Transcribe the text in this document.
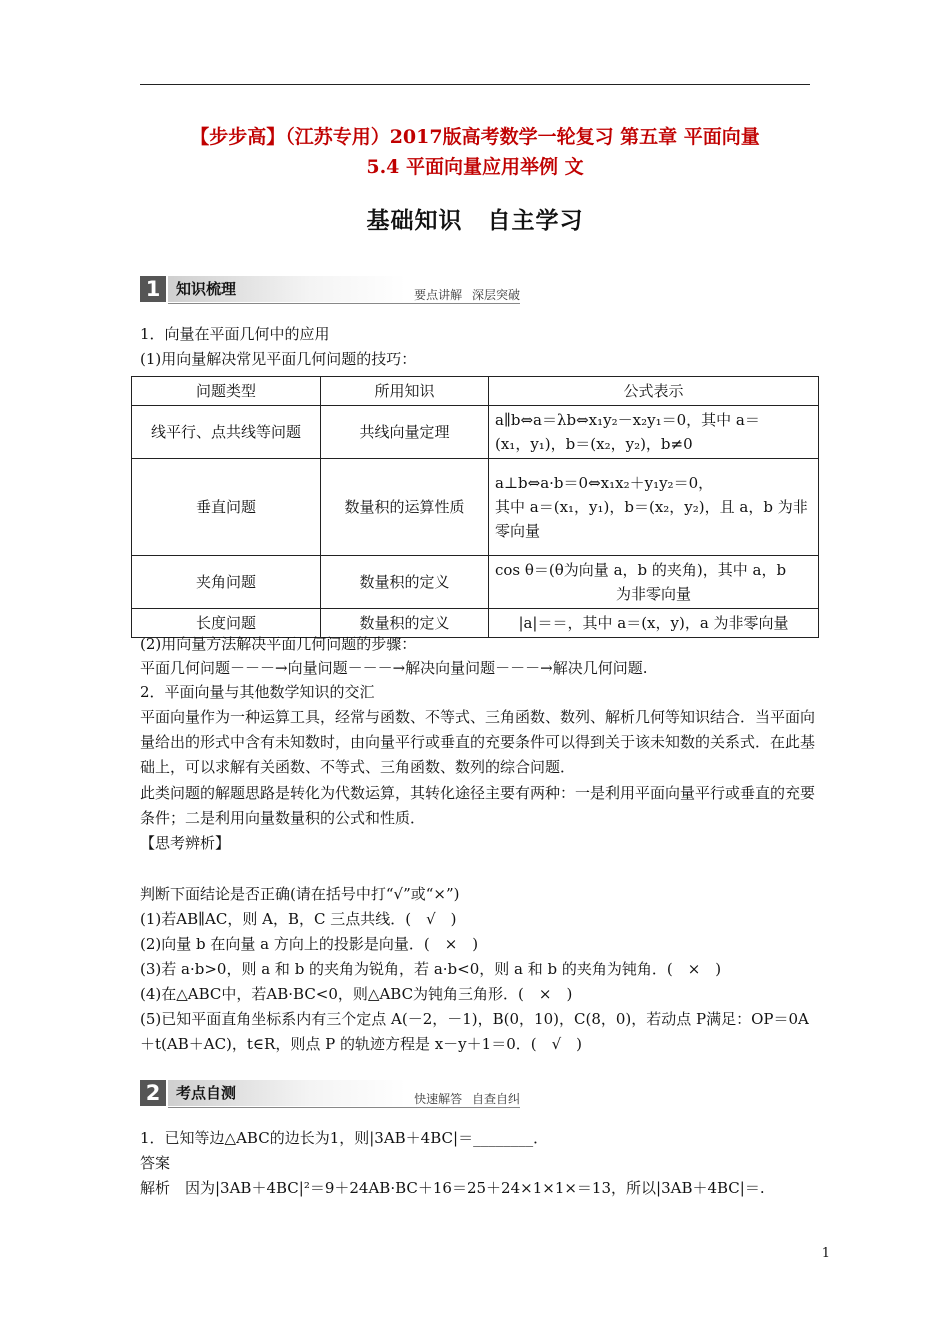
【步步高】（江苏专用）2017版高考数学一轮复习 第五章 平面向量
5.4 平面向量应用举例 文
基础知识 自主学习
1	知识梳理	要点讲解 深层突破
1．向量在平面几何中的应用
(1)用向量解决常见平面几何问题的技巧：
问题类型	所用知识	公式表示
线平行、点共线等问题	共线向量定理	a∥b⇔a＝λb⇔x₁y₂－x₂y₁＝0，其中 a＝
(x₁，y₁)，b＝(x₂，y₂)，b≠0

垂直问题	数量积的运算性质	a⊥b⇔a·b＝0⇔x₁x₂＋y₁y₂＝0，
其中 a＝(x₁，y₁)，b＝(x₂，y₂)，且 a，b 为非
零向量

夹角问题	数量积的定义	cos θ＝(θ为向量 a，b 的夹角)，其中 a，b
为非零向量

长度问题	数量积的定义	|a|＝＝，其中 a＝(x，y)，a 为非零向量
(2)用向量方法解决平面几何问题的步骤：
平面几何问题－－－→向量问题－－－→解决向量问题－－－→解决几何问题.
2．平面向量与其他数学知识的交汇
平面向量作为一种运算工具，经常与函数、不等式、三角函数、数列、解析几何等知识结合．当平面向量给出的形式中含有未知数时，由向量平行或垂直的充要条件可以得到关于该未知数的关系式．在此基础上，可以求解有关函数、不等式、三角函数、数列的综合问题．
此类问题的解题思路是转化为代数运算，其转化途径主要有两种：一是利用平面向量平行或垂直的充要条件；二是利用向量数量积的公式和性质．
【思考辨析】
判断下面结论是否正确(请在括号中打“√”或“×”)
(1)若AB∥AC，则 A，B，C 三点共线．(　√　)
(2)向量 b 在向量 a 方向上的投影是向量．(　×　)
(3)若 a·b>0，则 a 和 b 的夹角为锐角，若 a·b<0，则 a 和 b 的夹角为钝角．(　×　)
(4)在△ABC中，若AB·BC<0，则△ABC为钝角三角形．(　×　)
(5)已知平面直角坐标系内有三个定点 A(－2，－1)，B(0，10)，C(8，0)，若动点 P满足：OP＝0A
＋t(AB＋AC)，t∈R，则点 P 的轨迹方程是 x－y＋1＝0．(　√　)
2	考点自测	快速解答 自查自纠
1．已知等边△ABC的边长为1，则|3AB＋4BC|＝________．
答案
解析　因为|3AB＋4BC|²＝9＋24AB·BC＋16＝25＋24×1×1×＝13，所以|3AB＋4BC|＝.
1
